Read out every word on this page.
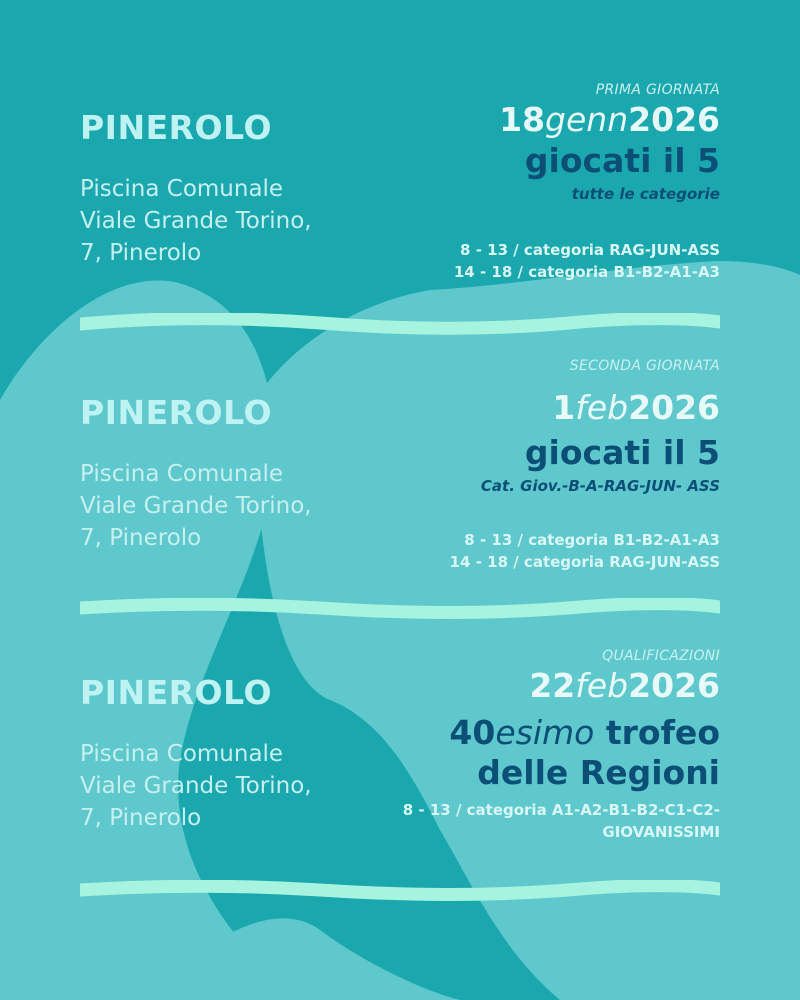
PINEROLO
Piscina Comunale
Viale Grande Torino,
7, Pinerolo
PRIMA GIORNATA
18genn2026
giocati il 5
tutte le categorie
8 - 13 / categoria RAG-JUN-ASS
14 - 18 / categoria B1-B2-A1-A3
PINEROLO
Piscina Comunale
Viale Grande Torino,
7, Pinerolo
SECONDA GIORNATA
1feb2026
giocati il 5
Cat. Giov.-B-A-RAG-JUN- ASS
8 - 13 / categoria B1-B2-A1-A3
14 - 18 / categoria RAG-JUN-ASS
PINEROLO
Piscina Comunale
Viale Grande Torino,
7, Pinerolo
QUALIFICAZIONI
22feb2026
40esimo trofeo
delle Regioni
8 - 13 / categoria A1-A2-B1-B2-C1-C2-
GIOVANISSIMI
